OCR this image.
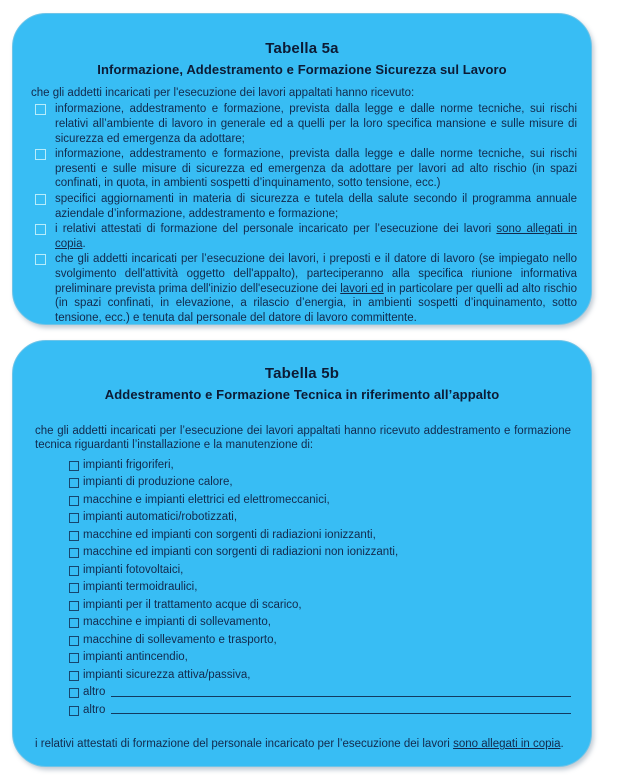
Tabella 5a
Informazione, Addestramento e Formazione Sicurezza sul Lavoro

che gli addetti incaricati per l'esecuzione dei lavori appaltati hanno ricevuto:

informazione, addestramento e formazione, prevista dalla legge e dalle norme tecniche, sui rischi relativi all’ambiente di lavoro in generale ed a quelli per la loro specifica mansione e sulle misure di sicurezza ed emergenza da adottare;
informazione, addestramento e formazione, prevista dalla legge e dalle norme tecniche, sui rischi presenti e sulle misure di sicurezza ed emergenza da adottare per lavori ad alto rischio (in spazi confinati, in quota, in ambienti sospetti d’inquinamento, sotto tensione, ecc.)
specifici aggiornamenti in materia di sicurezza e tutela della salute secondo il programma annuale aziendale d’informazione, addestramento e formazione;
i relativi attestati di formazione del personale incaricato per l’esecuzione dei lavori sono allegati in copia.
che gli addetti incaricati per l’esecuzione dei lavori, i preposti e il datore di lavoro (se impiegato nello svolgimento dell'attività oggetto dell'appalto), parteciperanno alla specifica riunione informativa preliminare prevista prima dell'inizio dell'esecuzione dei lavori ed in particolare per quelli ad alto rischio (in spazi confinati, in elevazione, a rilascio d’energia, in ambienti sospetti d’inquinamento, sotto tensione, ecc.) e tenuta dal personale del datore di lavoro committente.
Tabella 5b
Addestramento e Formazione Tecnica in riferimento all’appalto

che gli addetti incaricati per l’esecuzione dei lavori appaltati hanno ricevuto addestramento e formazione tecnica riguardanti l’installazione e la manutenzione di:

impianti frigoriferi,
impianti di produzione calore,
macchine e impianti elettrici ed elettromeccanici,
impianti automatici/robotizzati,
macchine ed impianti con sorgenti di radiazioni ionizzanti,
macchine ed impianti con sorgenti di radiazioni non ionizzanti,
impianti fotovoltaici,
impianti termoidraulici,
impianti per il trattamento acque di scarico,
macchine e impianti di sollevamento,
macchine di sollevamento e trasporto,
impianti antincendio,
impianti sicurezza attiva/passiva,
altro
altro

i relativi attestati di formazione del personale incaricato per l’esecuzione dei lavori sono allegati in copia.
